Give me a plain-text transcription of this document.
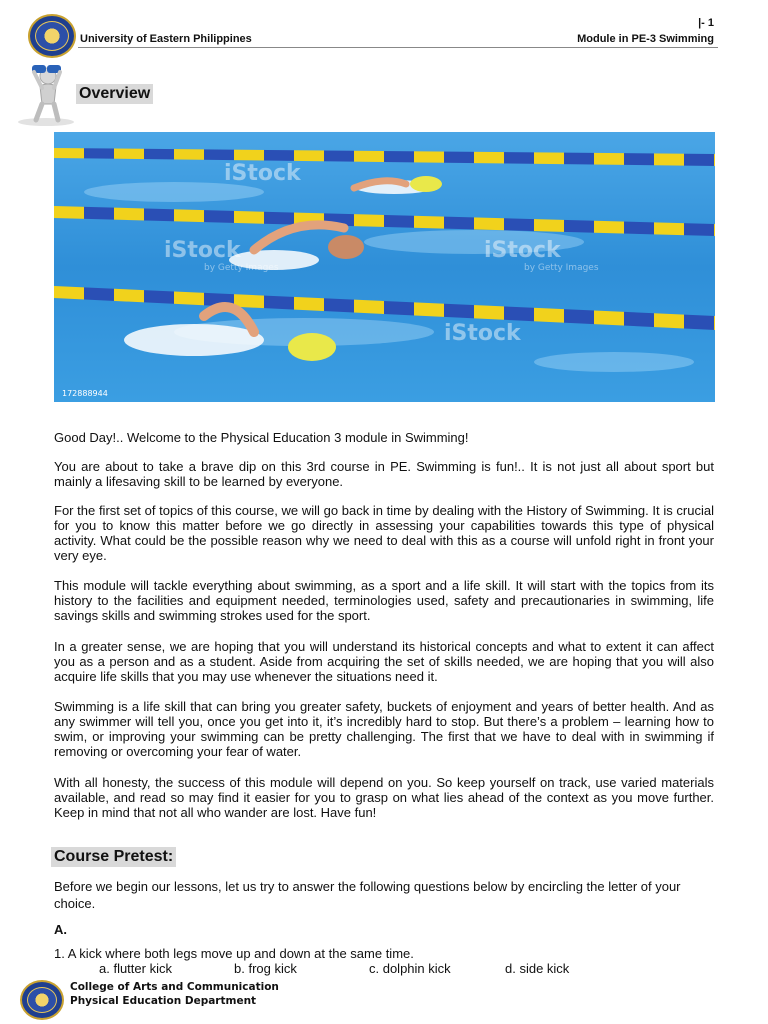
|- 1
University of Eastern Philippines	Module in PE-3 Swimming
Overview
iStock	iStock
iStock
iStock
by Getty Images	by Getty Images
172888944
Good Day!.. Welcome to the Physical Education 3 module in Swimming!
You are about to take a brave dip on this 3rd course in PE. Swimming is fun!.. It is not just all about sport but mainly a lifesaving skill to be learned by everyone.
For the first set of topics of this course, we will go back in time by dealing with the History of Swimming. It is crucial for you to know this matter before we go directly in assessing your capabilities towards this type of physical activity. What could be the possible reason why we need to deal with this as a course will unfold right in front your very eye.
This module will tackle everything about swimming, as a sport and a life skill. It will start with the topics from its history to the facilities and equipment needed, terminologies used, safety and precautionaries in swimming, life savings skills and swimming strokes used for the sport.
In a greater sense, we are hoping that you will understand its historical concepts and what to extent it can affect you as a person and as a student. Aside from acquiring the set of skills needed, we are hoping that you will also acquire life skills that you may use whenever the situations need it.
Swimming is a life skill that can bring you greater safety, buckets of enjoyment and years of better health. And as any swimmer will tell you, once you get into it, it’s incredibly hard to stop. But there’s a problem – learning how to swim, or improving your swimming can be pretty challenging. The first that we have to deal with in swimming if removing or overcoming your fear of water.
With all honesty, the success of this module will depend on you. So keep yourself on track, use varied materials available, and read so may find it easier for you to grasp on what lies ahead of the context as you move further. Keep in mind that not all who wander are lost. Have fun!
Course Pretest:
Before we begin our lessons, let us try to answer the following questions below by encircling the letter of your choice.
A.
1. A kick where both legs move up and down at the same time.
a. flutter kick	b. frog kick	c. dolphin kick	d. side kick
College of Arts and Communication
Physical Education Department
